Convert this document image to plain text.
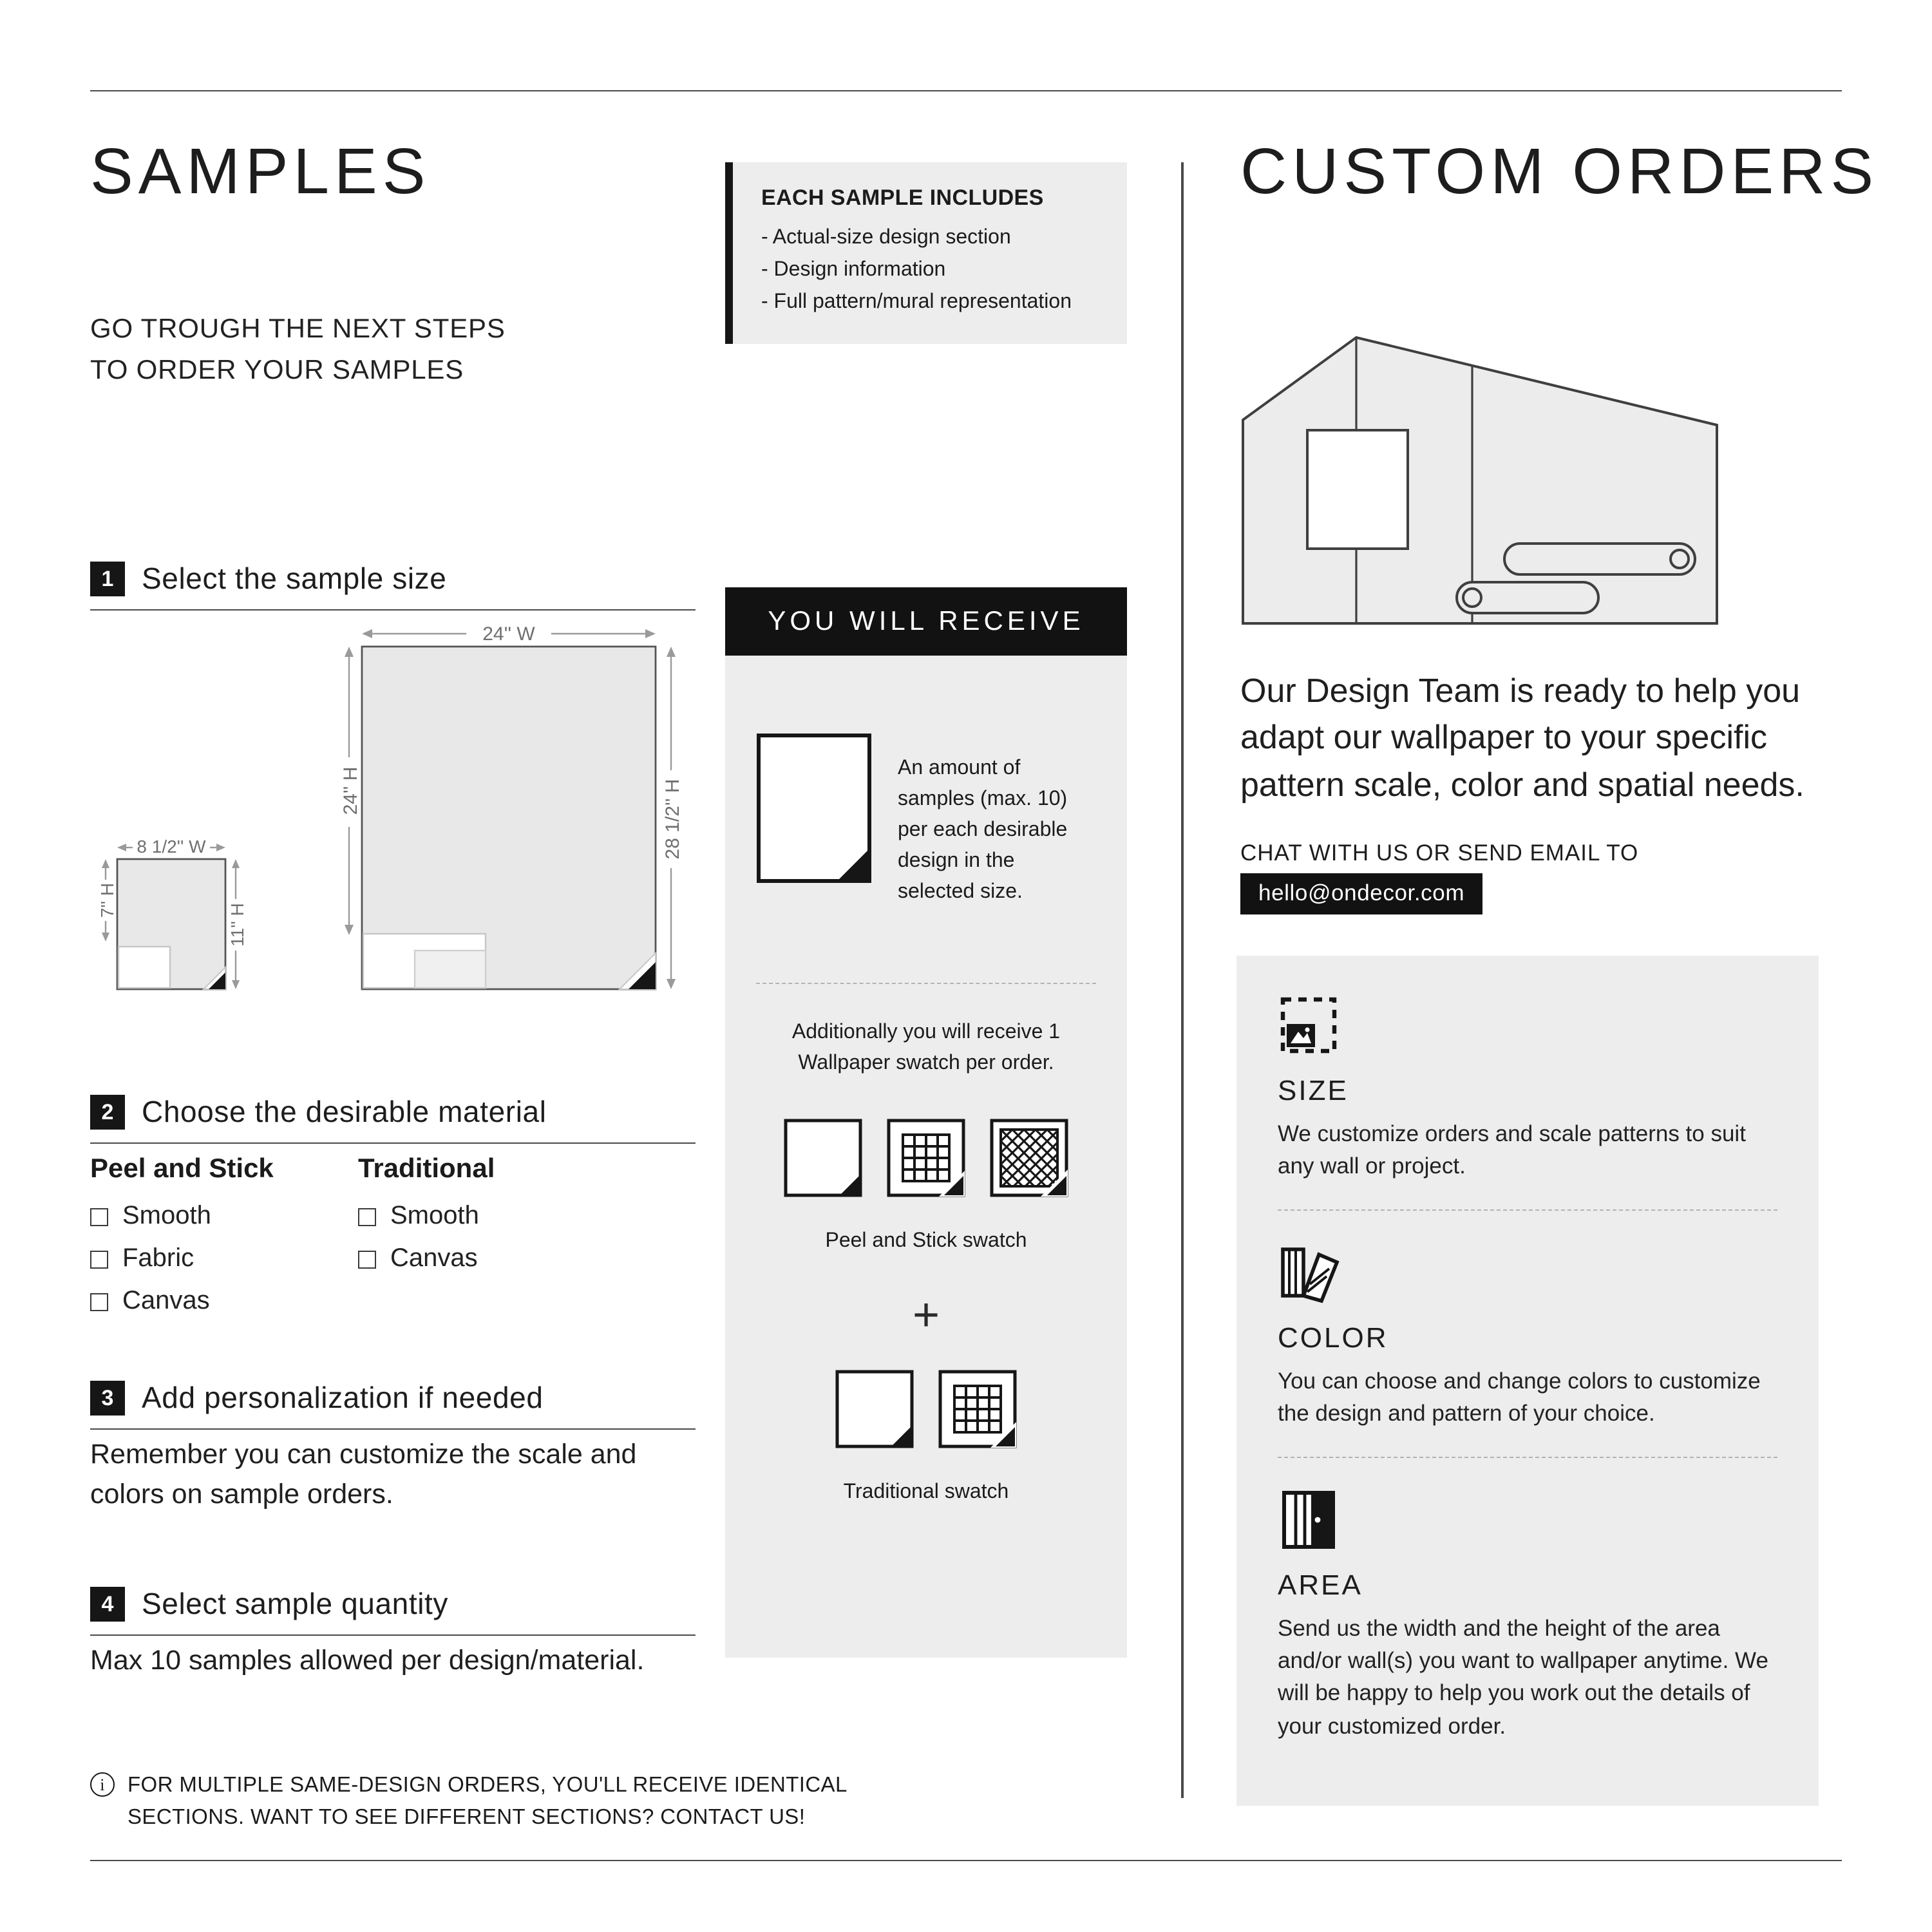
SAMPLES
GO TROUGH THE NEXT STEPS
TO ORDER YOUR SAMPLES
EACH SAMPLE INCLUDES
- Actual-size design section
- Design information
- Full pattern/mural representation
1	Select the sample size
24'' W
24'' H	28 1/2'' H
8 1/2'' W
7'' H
11'' H
2	Choose the desirable material
Peel and Stick
Smooth
Fabric
Canvas
Traditional
Smooth
Canvas
3	Add personalization if needed
Remember you can customize the scale and colors on sample orders.
4	Select sample quantity
Max 10 samples allowed per design/material.
i
FOR MULTIPLE SAME-DESIGN ORDERS, YOU'LL RECEIVE IDENTICAL SECTIONS. WANT TO SEE DIFFERENT SECTIONS? CONTACT US!
YOU WILL RECEIVE
An amount of samples (max. 10) per each desirable design in the selected size.
Additionally you will receive 1 Wallpaper swatch per order.
Peel and Stick swatch
+
Traditional swatch
CUSTOM ORDERS
Our Design Team is ready to help you adapt our wallpaper to your specific pattern scale, color and spatial needs.
CHAT WITH US OR SEND EMAIL TO
hello@ondecor.com
SIZE
We customize orders and scale patterns to suit any wall or project.
COLOR
You can choose and change colors to customize the design and pattern of your choice.
AREA
Send us the width and the height of the area and/or wall(s) you want to wallpaper anytime. We will be happy to help you work out the details of your customized order.
